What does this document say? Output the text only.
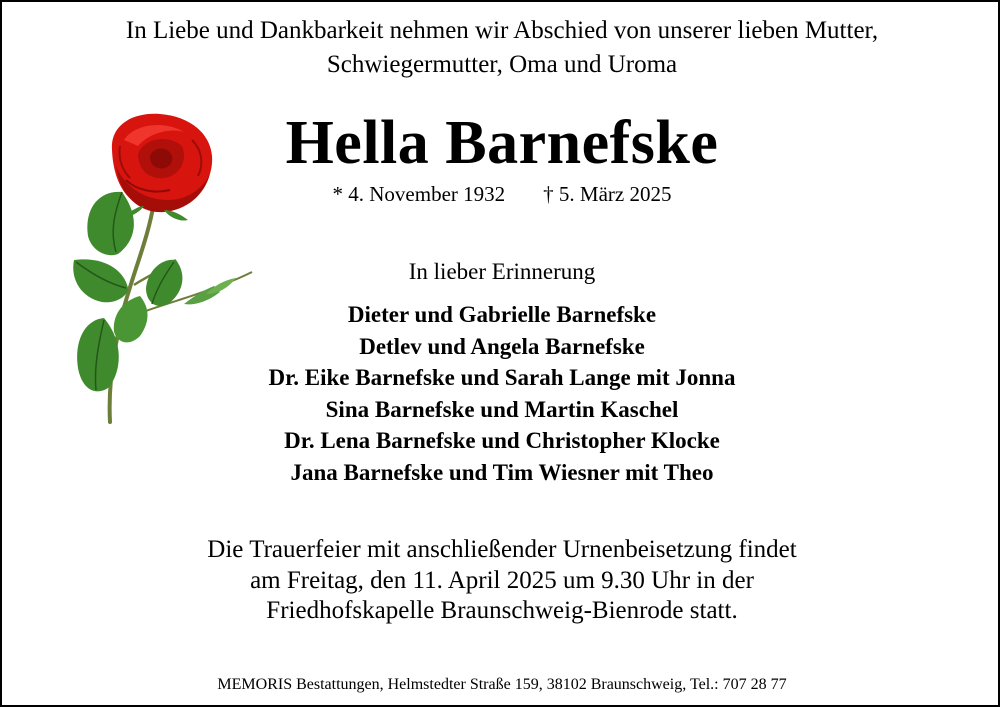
In Liebe und Dankbarkeit nehmen wir Abschied von unserer lieben Mutter,
Schwiegermutter, Oma und Uroma
Hella Barnefske
* 4. November 1932 † 5. März 2025
In lieber Erinnerung
Dieter und Gabrielle Barnefske
Detlev und Angela Barnefske
Dr. Eike Barnefske und Sarah Lange mit Jonna
Sina Barnefske und Martin Kaschel
Dr. Lena Barnefske und Christopher Klocke
Jana Barnefske und Tim Wiesner mit Theo
Die Trauerfeier mit anschließender Urnenbeisetzung findet
am Freitag, den 11. April 2025 um 9.30 Uhr in der
Friedhofskapelle Braunschweig-Bienrode statt.
MEMORIS Bestattungen, Helmstedter Straße 159, 38102 Braunschweig, Tel.: 707 28 77
